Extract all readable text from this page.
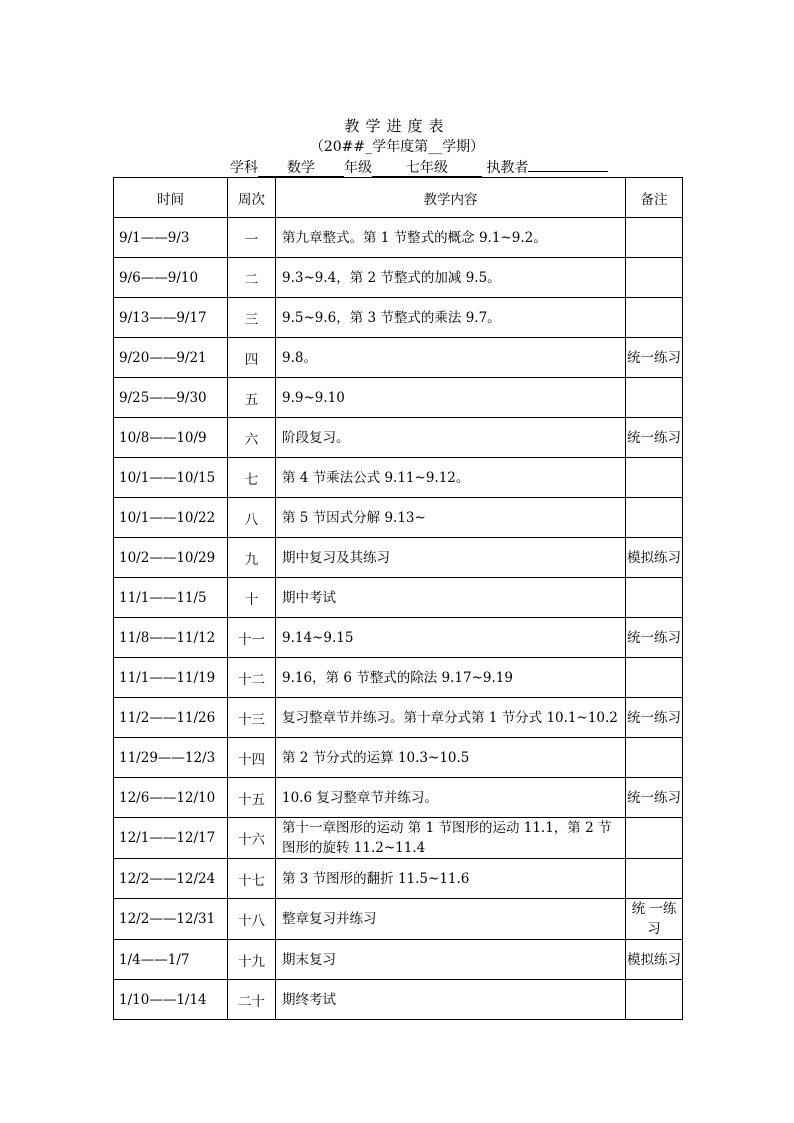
教学进度表
（20##_学年度第__学期）
学科 数学 年级 七年级	执教者
时间	周次	教学内容	备注
9/1——9/3	一	第九章整式。第 1 节整式的概念 9.1~9.2。	
9/6——9/10	二	9.3~9.4，第 2 节整式的加减 9.5。	
9/13——9/17	三	9.5~9.6，第 3 节整式的乘法 9.7。	
9/20——9/21	四	9.8。	统一练习
9/25——9/30	五	9.9~9.10	
10/8——10/9	六	阶段复习。	统一练习
10/1——10/15	七	第 4 节乘法公式 9.11~9.12。	
10/1——10/22	八	第 5 节因式分解 9.13~	
10/2——10/29	九	期中复习及其练习	模拟练习
11/1——11/5	十	期中考试	
11/8——11/12	十一	9.14~9.15	统一练习
11/1——11/19	十二	9.16，第 6 节整式的除法 9.17~9.19	
11/2——11/26	十三	复习整章节并练习。第十章分式第 1 节分式 10.1~10.2	统一练习
11/29——12/3	十四	第 2 节分式的运算 10.3~10.5	
12/6——12/10	十五	10.6 复习整章节并练习。	统一练习
12/1——12/17	十六	第十一章图形的运动 第 1 节图形的运动 11.1，第 2 节图形的旋转 11.2~11.4	
12/2——12/24	十七	第 3 节图形的翻折 11.5~11.6	
12/2——12/31	十八	整章复习并练习	统 一练习
1/4——1/7	十九	期末复习	模拟练习
1/10——1/14	二十	期终考试	
